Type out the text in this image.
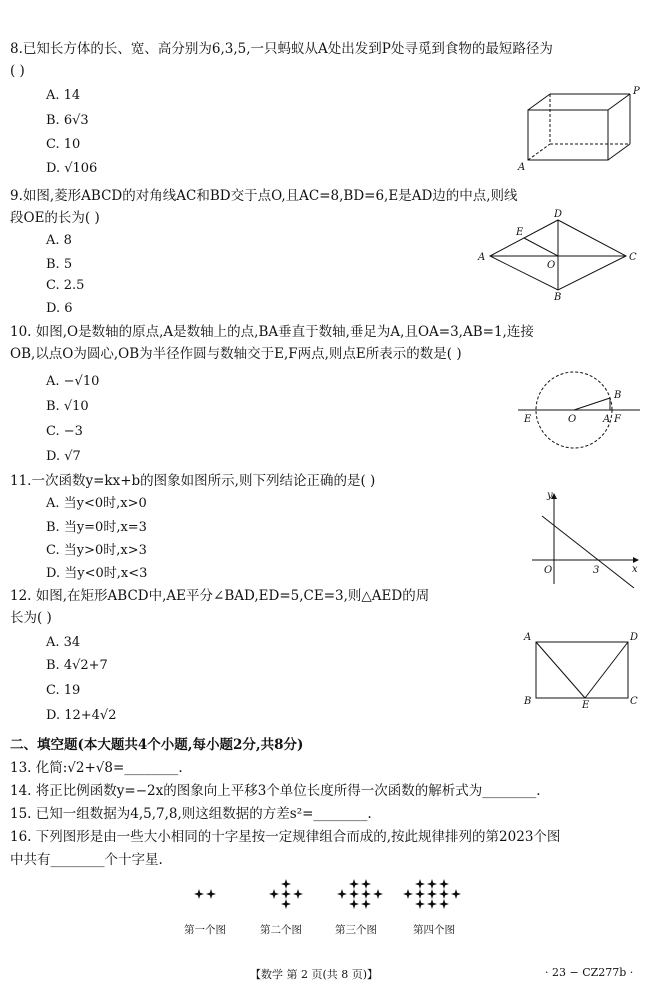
8.已知长方体的长、宽、高分别为6,3,5,一只蚂蚁从A处出发到P处寻觅到食物的最短路径为
( )
A. 14
B. 6√3
C. 10
D. √106	A
P
9.如图,菱形ABCD的对角线AC和BD交于点O,且AC=8,BD=6,E是AD边的中点,则线
段OE的长为( )
A. 8
B. 5
C. 2.5
D. 6
A
D
C
B
E
O
10. 如图,O是数轴的原点,A是数轴上的点,BA垂直于数轴,垂足为A,且OA=3,AB=1,连接
OB,以点O为圆心,OB为半径作圆与数轴交于E,F两点,则点E所表示的数是( )
A. −√10
B. √10
C. −3
D. √7
E	O	A F
B
11.一次函数y=kx+b的图象如图所示,则下列结论正确的是( )
A. 当y<0时,x>0
B. 当y=0时,x=3
C. 当y>0时,x>3
D. 当y<0时,x<3
y
x
O	3
12. 如图,在矩形ABCD中,AE平分∠BAD,ED=5,CE=3,则△AED的周
长为( )
A. 34
B. 4√2+7
C. 19
D. 12+4√2
A	D
B	C
E
二、填空题(本大题共4个小题,每小题2分,共8分)
13. 化简:√2+√8=________.
14. 将正比例函数y=−2x的图象向上平移3个单位长度所得一次函数的解析式为________.
15. 已知一组数据为4,5,7,8,则这组数据的方差s²=________.
16. 下列图形是由一些大小相同的十字星按一定规律组合而成的,按此规律排列的第2023个图
中共有________个十字星.
第一个图	第二个图	第三个图	第四个图
【数学 第 2 页(共 8 页)】	· 23 − CZ277b ·
